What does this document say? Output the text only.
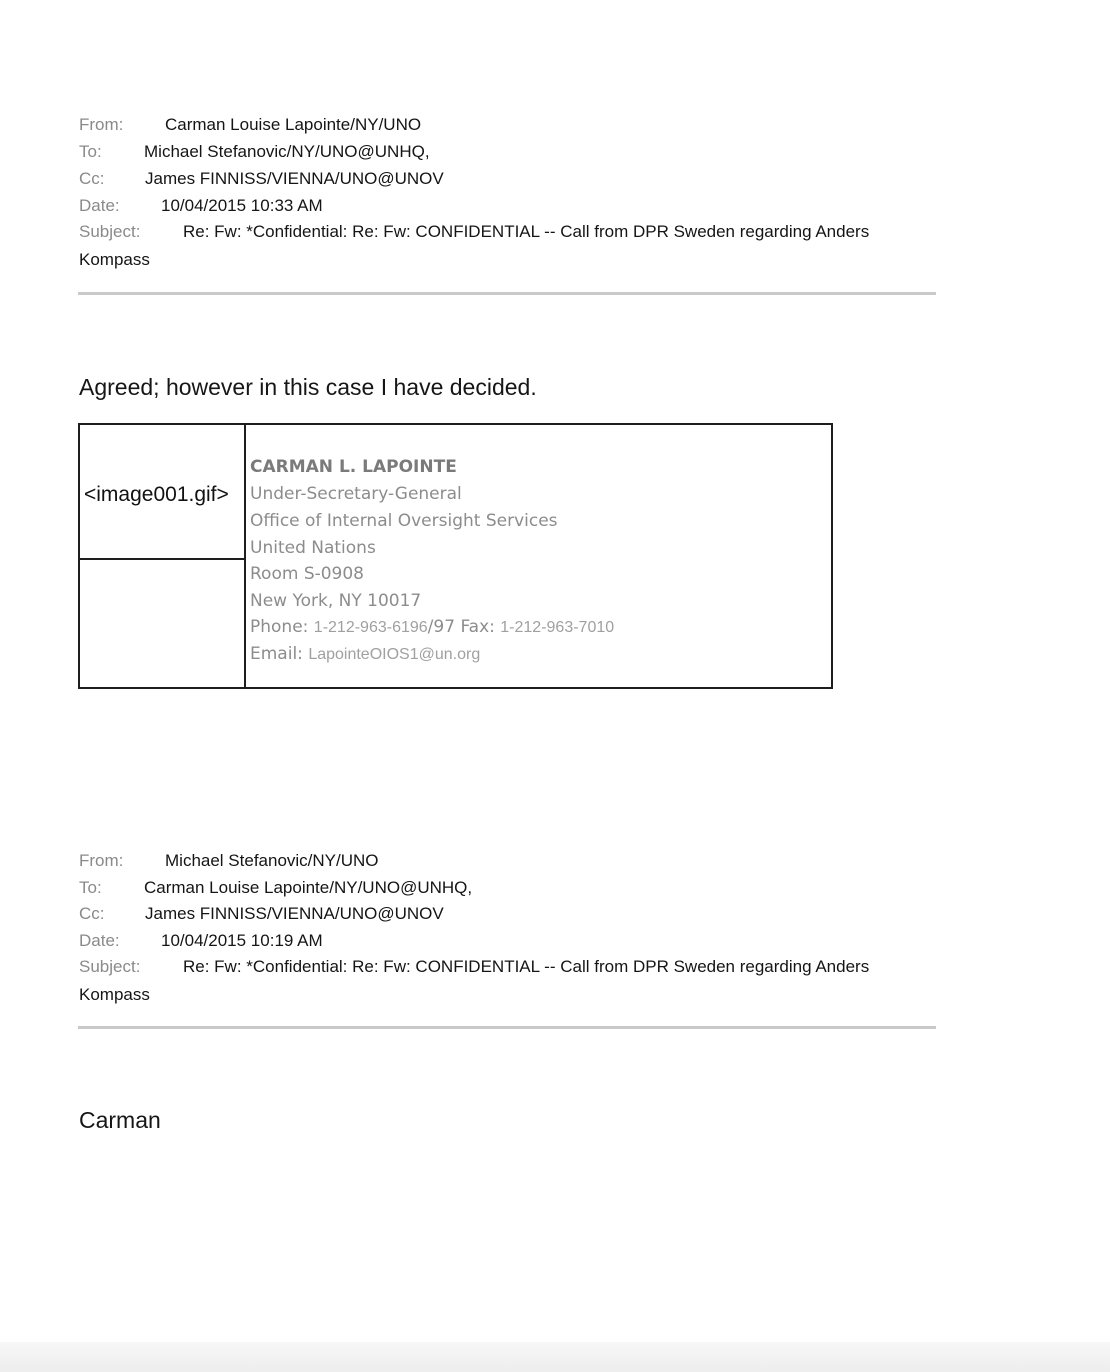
From: Carman Louise Lapointe/NY/UNO
To: Michael Stefanovic/NY/UNO@UNHQ,
Cc: James FINNISS/VIENNA/UNO@UNOV
Date: 10/04/2015 10:33 AM
Subject:	Re: Fw: *Confidential: Re: Fw: CONFIDENTIAL -- Call from DPR Sweden regarding Anders
Kompass
Agreed; however in this case I have decided.
<image001.gif>
CARMAN L. LAPOINTE
Under-Secretary-General
Office of Internal Oversight Services
United Nations
Room S-0908
New York, NY 10017
Phone: 1-212-963-6196/97 Fax: 1-212-963-7010
Email: LapointeOIOS1@un.org
From: Michael Stefanovic/NY/UNO
To: Carman Louise Lapointe/NY/UNO@UNHQ,
Cc: James FINNISS/VIENNA/UNO@UNOV
Date: 10/04/2015 10:19 AM
Subject:	Re: Fw: *Confidential: Re: Fw: CONFIDENTIAL -- Call from DPR Sweden regarding Anders
Kompass
Carman
